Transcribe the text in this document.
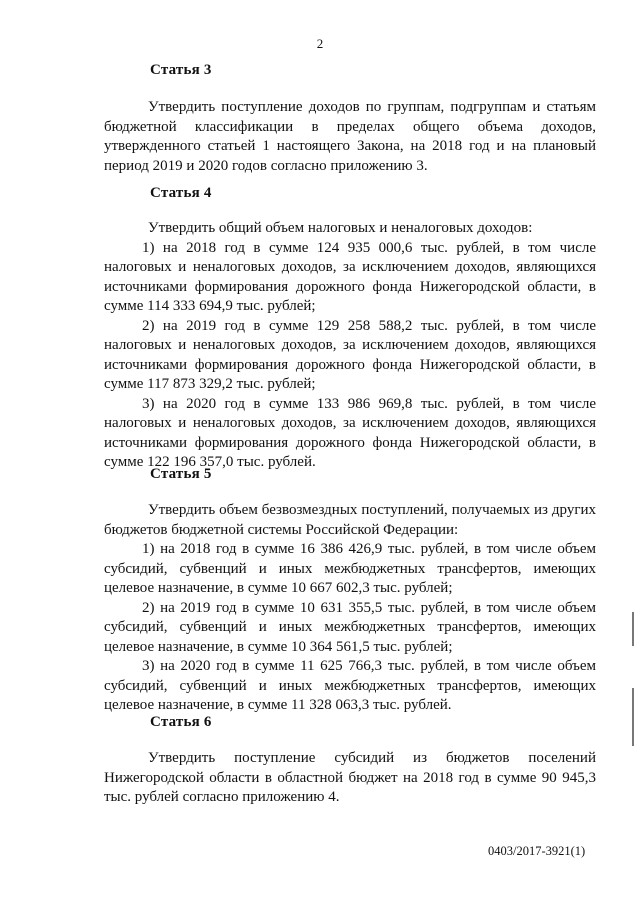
2
Статья 3

Утвердить поступление доходов по группам, подгруппам и статьям бюджетной классификации в пределах общего объема доходов, утвержденного статьей 1 настоящего Закона, на 2018 год и на плановый период 2019 и 2020 годов согласно приложению 3.

Статья 4

Утвердить общий объем налоговых и неналоговых доходов:

1) на 2018 год в сумме 124 935 000,6 тыс. рублей, в том числе налоговых и неналоговых доходов, за исключением доходов, являющихся источниками формирования дорожного фонда Нижегородской области, в сумме 114 333 694,9 тыс. рублей;

2) на 2019 год в сумме 129 258 588,2 тыс. рублей, в том числе налоговых и неналоговых доходов, за исключением доходов, являющихся источниками формирования дорожного фонда Нижегородской области, в сумме 117 873 329,2 тыс. рублей;

3) на 2020 год в сумме 133 986 969,8 тыс. рублей, в том числе налоговых и неналоговых доходов, за исключением доходов, являющихся источниками формирования дорожного фонда Нижегородской области, в сумме 122 196 357,0 тыс. рублей.

Статья 5

Утвердить объем безвозмездных поступлений, получаемых из других бюджетов бюджетной системы Российской Федерации:

1) на 2018 год в сумме 16 386 426,9 тыс. рублей, в том числе объем субсидий, субвенций и иных межбюджетных трансфертов, имеющих целевое назначение, в сумме 10 667 602,3 тыс. рублей;

2) на 2019 год в сумме 10 631 355,5 тыс. рублей, в том числе объем субсидий, субвенций и иных межбюджетных трансфертов, имеющих целевое назначение, в сумме 10 364 561,5 тыс. рублей;

3) на 2020 год в сумме 11 625 766,3 тыс. рублей, в том числе объем субсидий, субвенций и иных межбюджетных трансфертов, имеющих целевое назначение, в сумме 11 328 063,3 тыс. рублей.

Статья 6

Утвердить поступление субсидий из бюджетов поселений Нижегородской области в областной бюджет на 2018 год в сумме 90 945,3 тыс. рублей согласно приложению 4.

0403/2017-3921(1)
